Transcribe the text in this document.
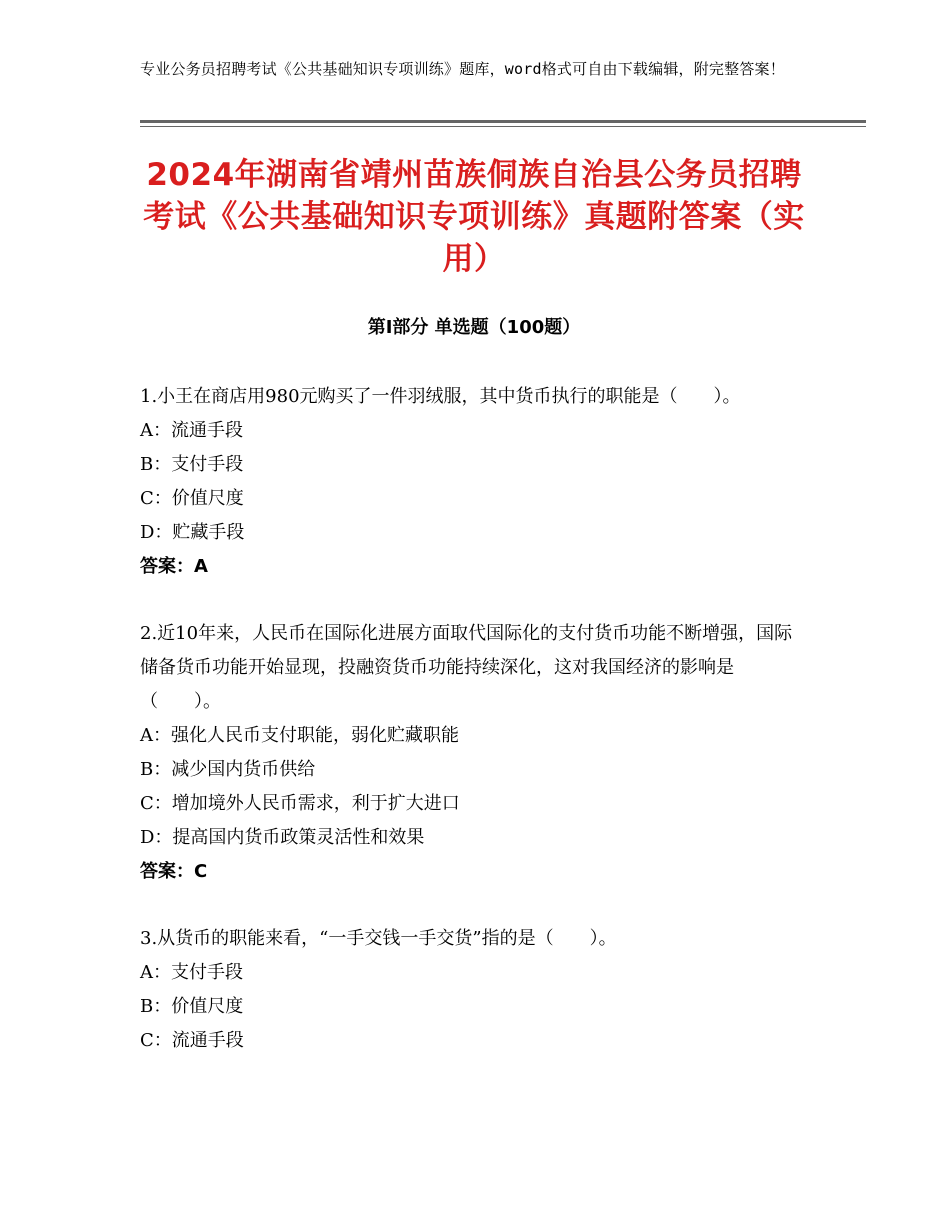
专业公务员招聘考试《公共基础知识专项训练》题库，word格式可自由下载编辑，附完整答案！
2024年湖南省靖州苗族侗族自治县公务员招聘考试《公共基础知识专项训练》真题附答案（实用）
第Ⅰ部分 单选题（100题）
1.小王在商店用980元购买了一件羽绒服，其中货币执行的职能是（　　）。
A：流通手段
B：支付手段
C：价值尺度
D：贮藏手段
答案：A
2.近10年来，人民币在国际化进展方面取代国际化的支付货币功能不断增强，国际储备货币功能开始显现，投融资货币功能持续深化，这对我国经济的影响是（　　）。
A：强化人民币支付职能，弱化贮藏职能
B：减少国内货币供给
C：增加境外人民币需求，利于扩大进口
D：提高国内货币政策灵活性和效果
答案：C
3.从货币的职能来看，“一手交钱一手交货”指的是（　　）。
A：支付手段
B：价值尺度
C：流通手段
